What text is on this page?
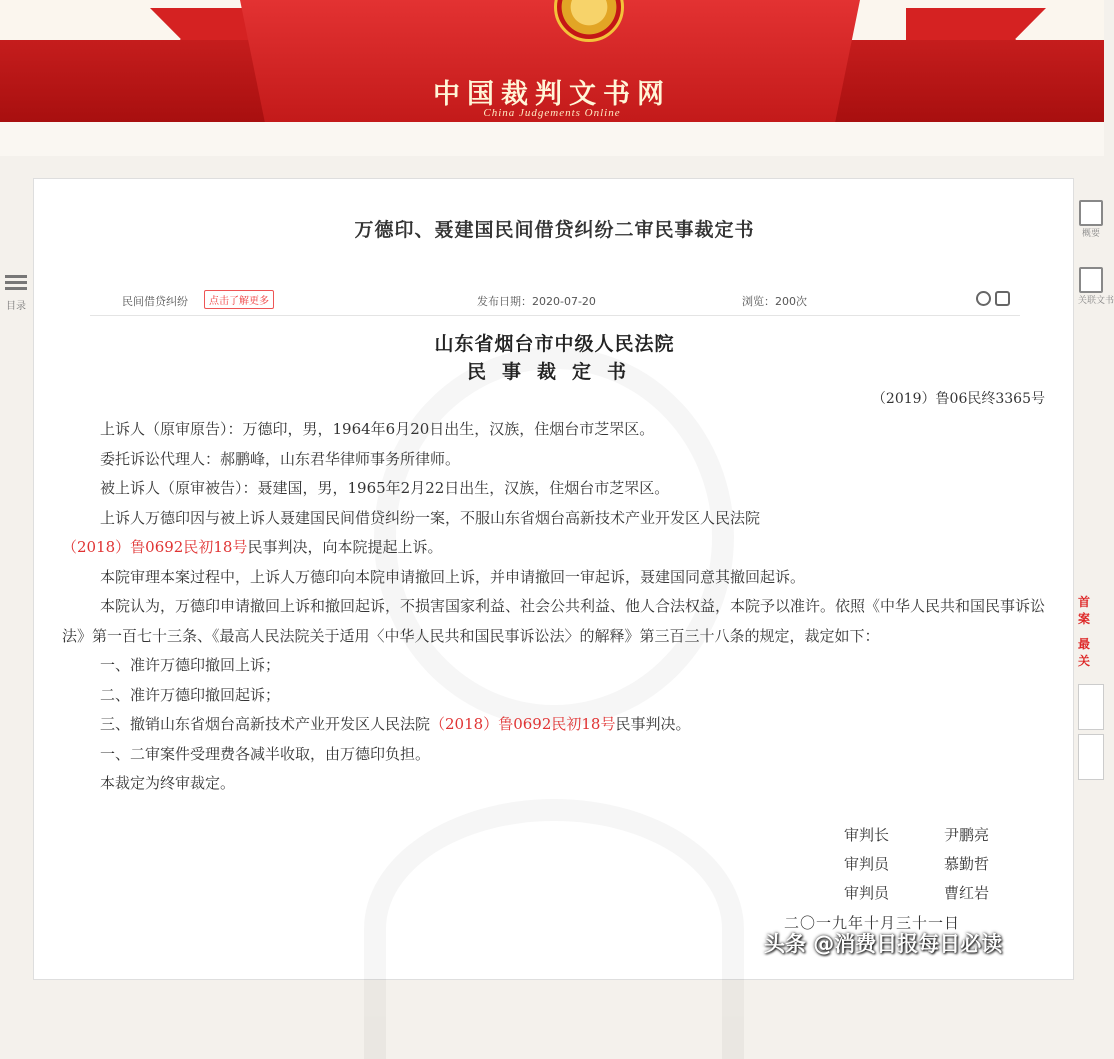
中国裁判文书网
China Judgements Online
目录
概要
关联文书
首 案
最 关
万德印、聂建国民间借贷纠纷二审民事裁定书
民间借贷纠纷	点击了解更多	发布日期：2020-07-20	浏览：200次
山东省烟台市中级人民法院
民事裁定书
（2019）鲁06民终3365号

上诉人（原审原告）：万德印，男，1964年6月20日出生，汉族，住烟台市芝罘区。

委托诉讼代理人：郝鹏峰，山东君华律师事务所律师。

被上诉人（原审被告）：聂建国，男，1965年2月22日出生，汉族，住烟台市芝罘区。

上诉人万德印因与被上诉人聂建国民间借贷纠纷一案，不服山东省烟台高新技术产业开发区人民法院

（2018）鲁0692民初18号民事判决，向本院提起上诉。

本院审理本案过程中，上诉人万德印向本院申请撤回上诉，并申请撤回一审起诉，聂建国同意其撤回起诉。

本院认为，万德印申请撤回上诉和撤回起诉，不损害国家利益、社会公共利益、他人合法权益，本院予以准许。依照《中华人民共和国民事诉讼法》第一百七十三条、《最高人民法院关于适用〈中华人民共和国民事诉讼法〉的解释》第三百三十八条的规定，裁定如下：

一、准许万德印撤回上诉；

二、准许万德印撤回起诉；

三、撤销山东省烟台高新技术产业开发区人民法院（2018）鲁0692民初18号民事判决。

一、二审案件受理费各减半收取，由万德印负担。

本裁定为终审裁定。

审判长	尹鹏亮
审判员	慕勤哲
审判员	曹红岩
二〇一九年十月三十一日
头条 @消费日报每日必读
